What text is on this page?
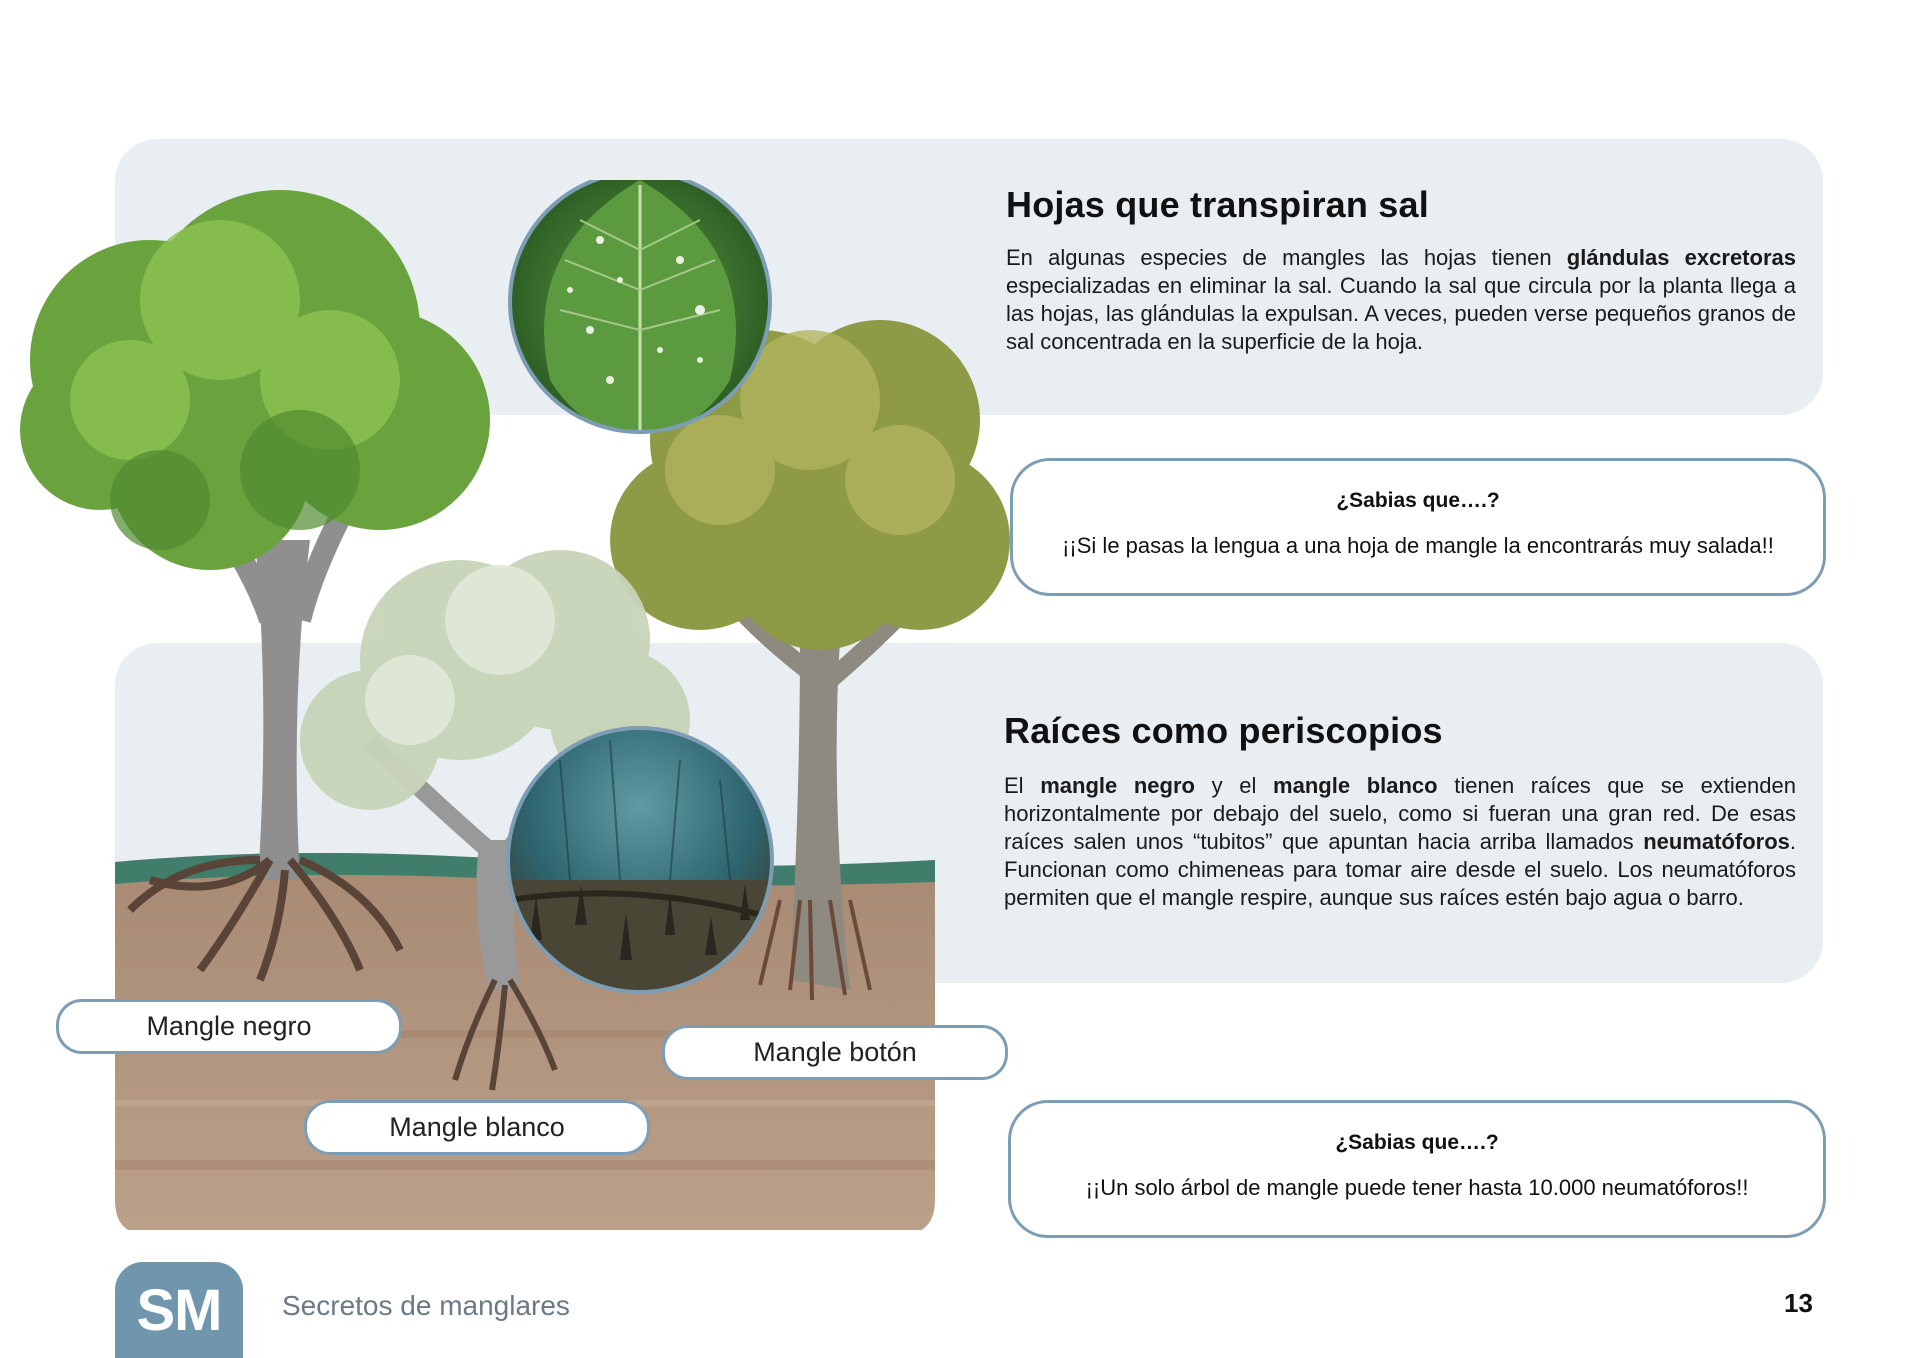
Hojas que transpiran sal
En algunas especies de mangles las hojas tienen glándulas excretoras especializadas en eliminar la sal. Cuando la sal que circula por la planta llega a las hojas, las glándulas la expulsan. A veces, pueden verse pequeños granos de sal concentrada en la superficie de la hoja.
¿Sabias que….?
¡¡Si le pasas la lengua a una hoja de mangle la encontrarás muy salada!!
Raíces como periscopios
El mangle negro y el mangle blanco tienen raíces que se extienden horizontalmente por debajo del suelo, como si fueran una gran red. De esas raíces salen unos “tubitos” que apuntan hacia arriba llamados neumatóforos. Funcionan como chimeneas para tomar aire desde el suelo. Los neumatóforos permiten que el mangle respire, aunque sus raíces estén bajo agua o barro.
¿Sabias que….?
¡¡Un solo árbol de mangle puede tener hasta 10.000 neumatóforos!!
Mangle negro
Mangle botón
Mangle blanco
SM	Secretos de manglares	13
